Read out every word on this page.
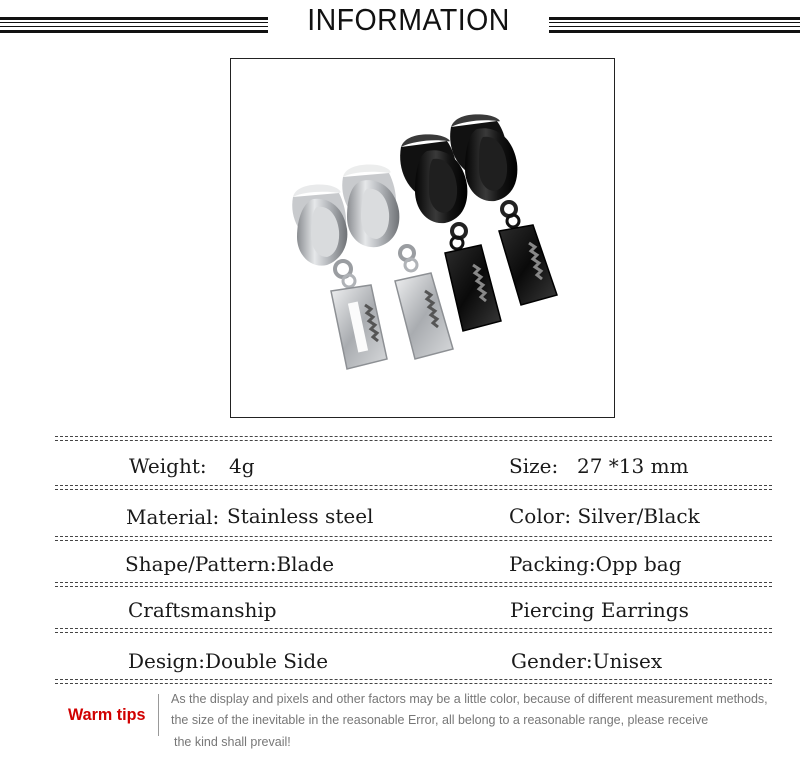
INFORMATION
Weight: 4g	Size: 27 *13 mm
Material: Stainless steel	Color: Silver/Black
Shape/Pattern:Blade	Packing:Opp bag
Craftsmanship	Piercing Earrings
Design:Double Side	Gender:Unisex
Warm tips
As the display and pixels and other factors may be a little color, because of different measurement methods,
the size of the inevitable in the reasonable Error, all belong to a reasonable range, please receive
the kind shall prevail!
